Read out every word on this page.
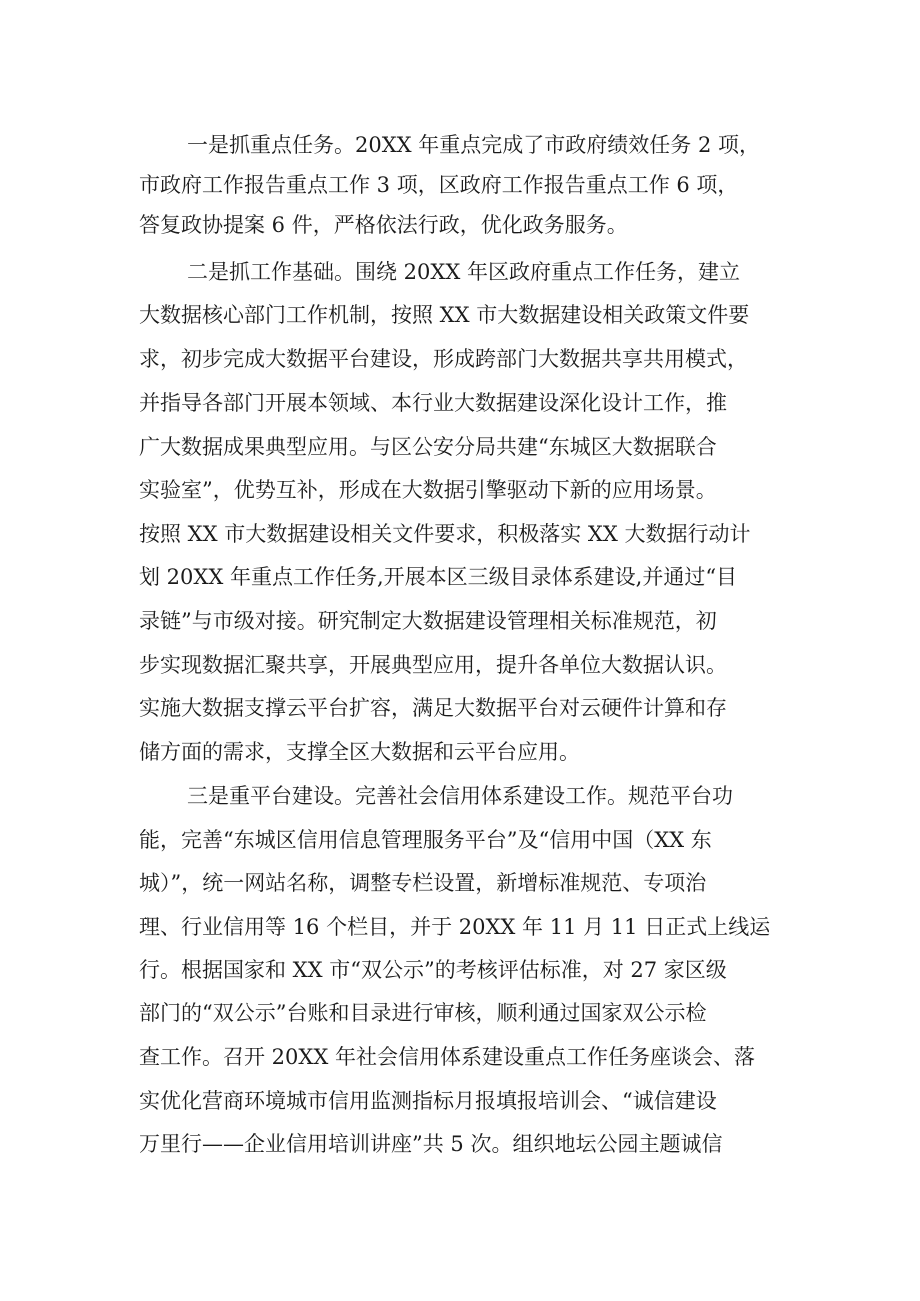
一是抓重点任务。20XX 年重点完成了市政府绩效任务 2 项，

市政府工作报告重点工作 3 项，区政府工作报告重点工作 6 项，

答复政协提案 6 件，严格依法行政，优化政务服务。

二是抓工作基础。围绕 20XX 年区政府重点工作任务，建立

大数据核心部门工作机制，按照 XX 市大数据建设相关政策文件要

求，初步完成大数据平台建设，形成跨部门大数据共享共用模式，

并指导各部门开展本领域、本行业大数据建设深化设计工作，推

广大数据成果典型应用。与区公安分局共建“东城区大数据联合

实验室”，优势互补，形成在大数据引擎驱动下新的应用场景。

按照 XX 市大数据建设相关文件要求，积极落实 XX 大数据行动计

划 20XX 年重点工作任务,开展本区三级目录体系建设,并通过“目

录链”与市级对接。研究制定大数据建设管理相关标准规范，初

步实现数据汇聚共享，开展典型应用，提升各单位大数据认识。

实施大数据支撑云平台扩容，满足大数据平台对云硬件计算和存

储方面的需求，支撑全区大数据和云平台应用。

三是重平台建设。完善社会信用体系建设工作。规范平台功

能，完善“东城区信用信息管理服务平台”及“信用中国（XX 东

城）”，统一网站名称，调整专栏设置，新增标准规范、专项治

理、行业信用等 16 个栏目，并于 20XX 年 11 月 11 日正式上线运

行。根据国家和 XX 市“双公示”的考核评估标准，对 27 家区级

部门的“双公示”台账和目录进行审核，顺利通过国家双公示检

查工作。召开 20XX 年社会信用体系建设重点工作任务座谈会、落

实优化营商环境城市信用监测指标月报填报培训会、“诚信建设

万里行——企业信用培训讲座”共 5 次。组织地坛公园主题诚信
